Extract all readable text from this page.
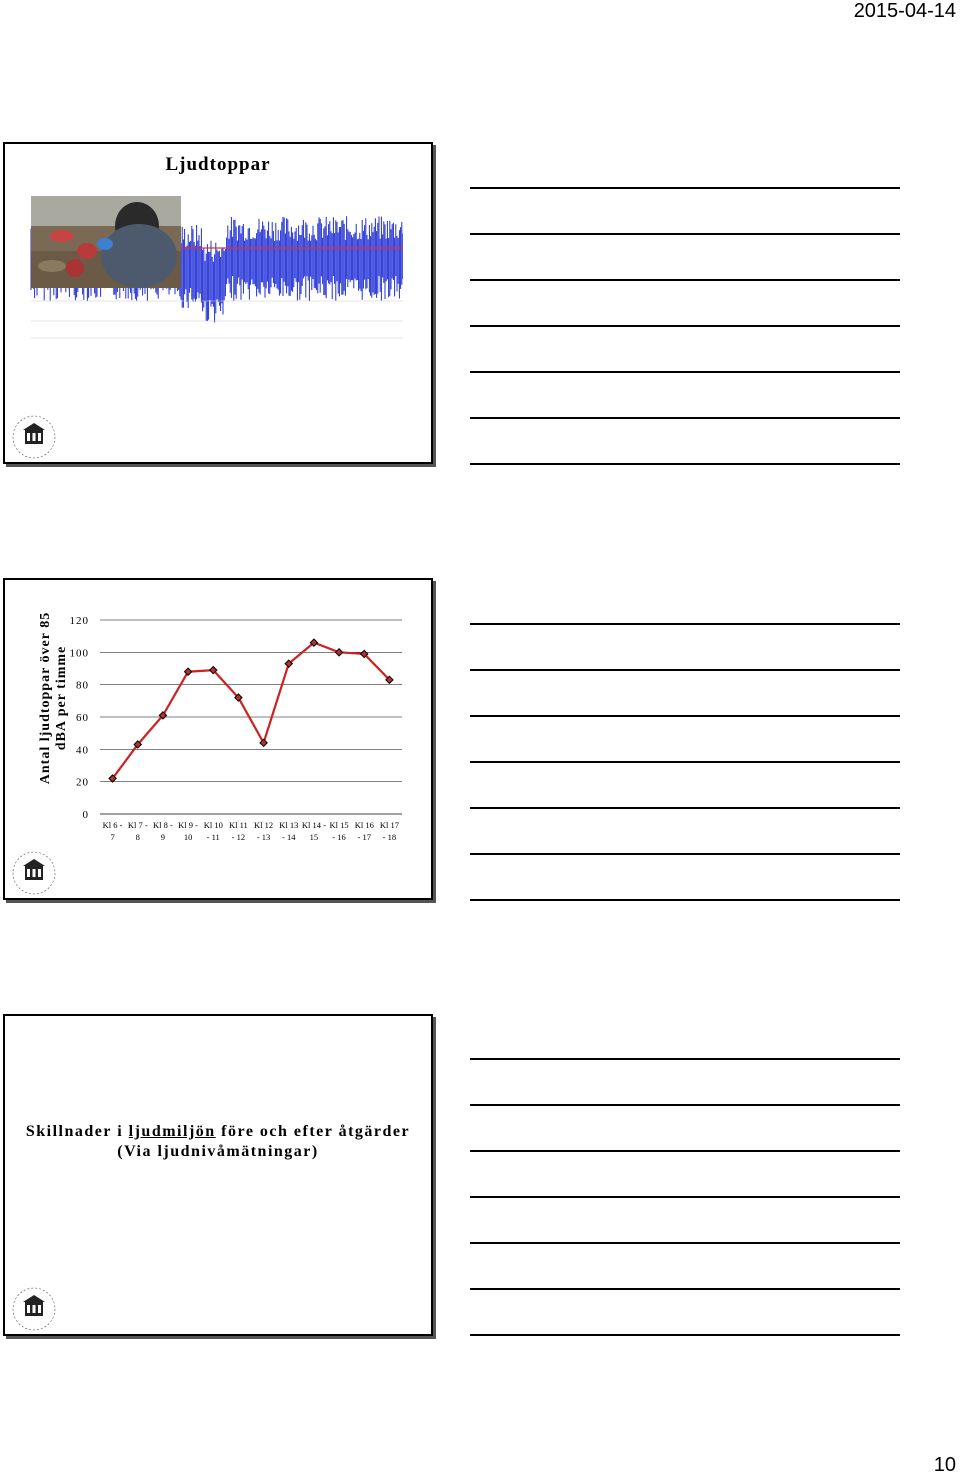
2015-04-14
Ljudtoppar
Antal ljudtoppar över 85 dBA per timme
0
20
40
60
80
100
120
Kl 6 -
7
Kl 7 -
8
Kl 8 -
9
Kl 9 -
10
Kl 10
- 11
Kl 11
- 12
Kl 12
- 13
Kl 13
- 14
Kl 14 -
15
Kl 15
- 16
Kl 16
- 17
Kl 17
- 18
Skillnader i ljudmiljön före och efter åtgärder
(Via ljudnivåmätningar)
10
